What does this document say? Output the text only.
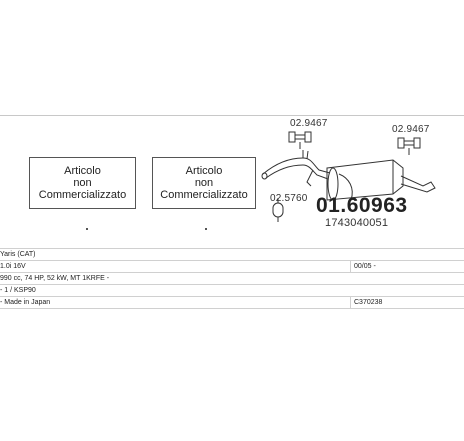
Articolo
non
Commercializzato
Articolo
non
Commercializzato
02.9467
02.9467
02.5760 01.60963
1743040051
Yaris (CAT)
1.0i 16V	00/05 -
990 cc, 74 HP, 52 kW, MT 1KRFE -
- 1 / KSP90
- Made in Japan	C370238
